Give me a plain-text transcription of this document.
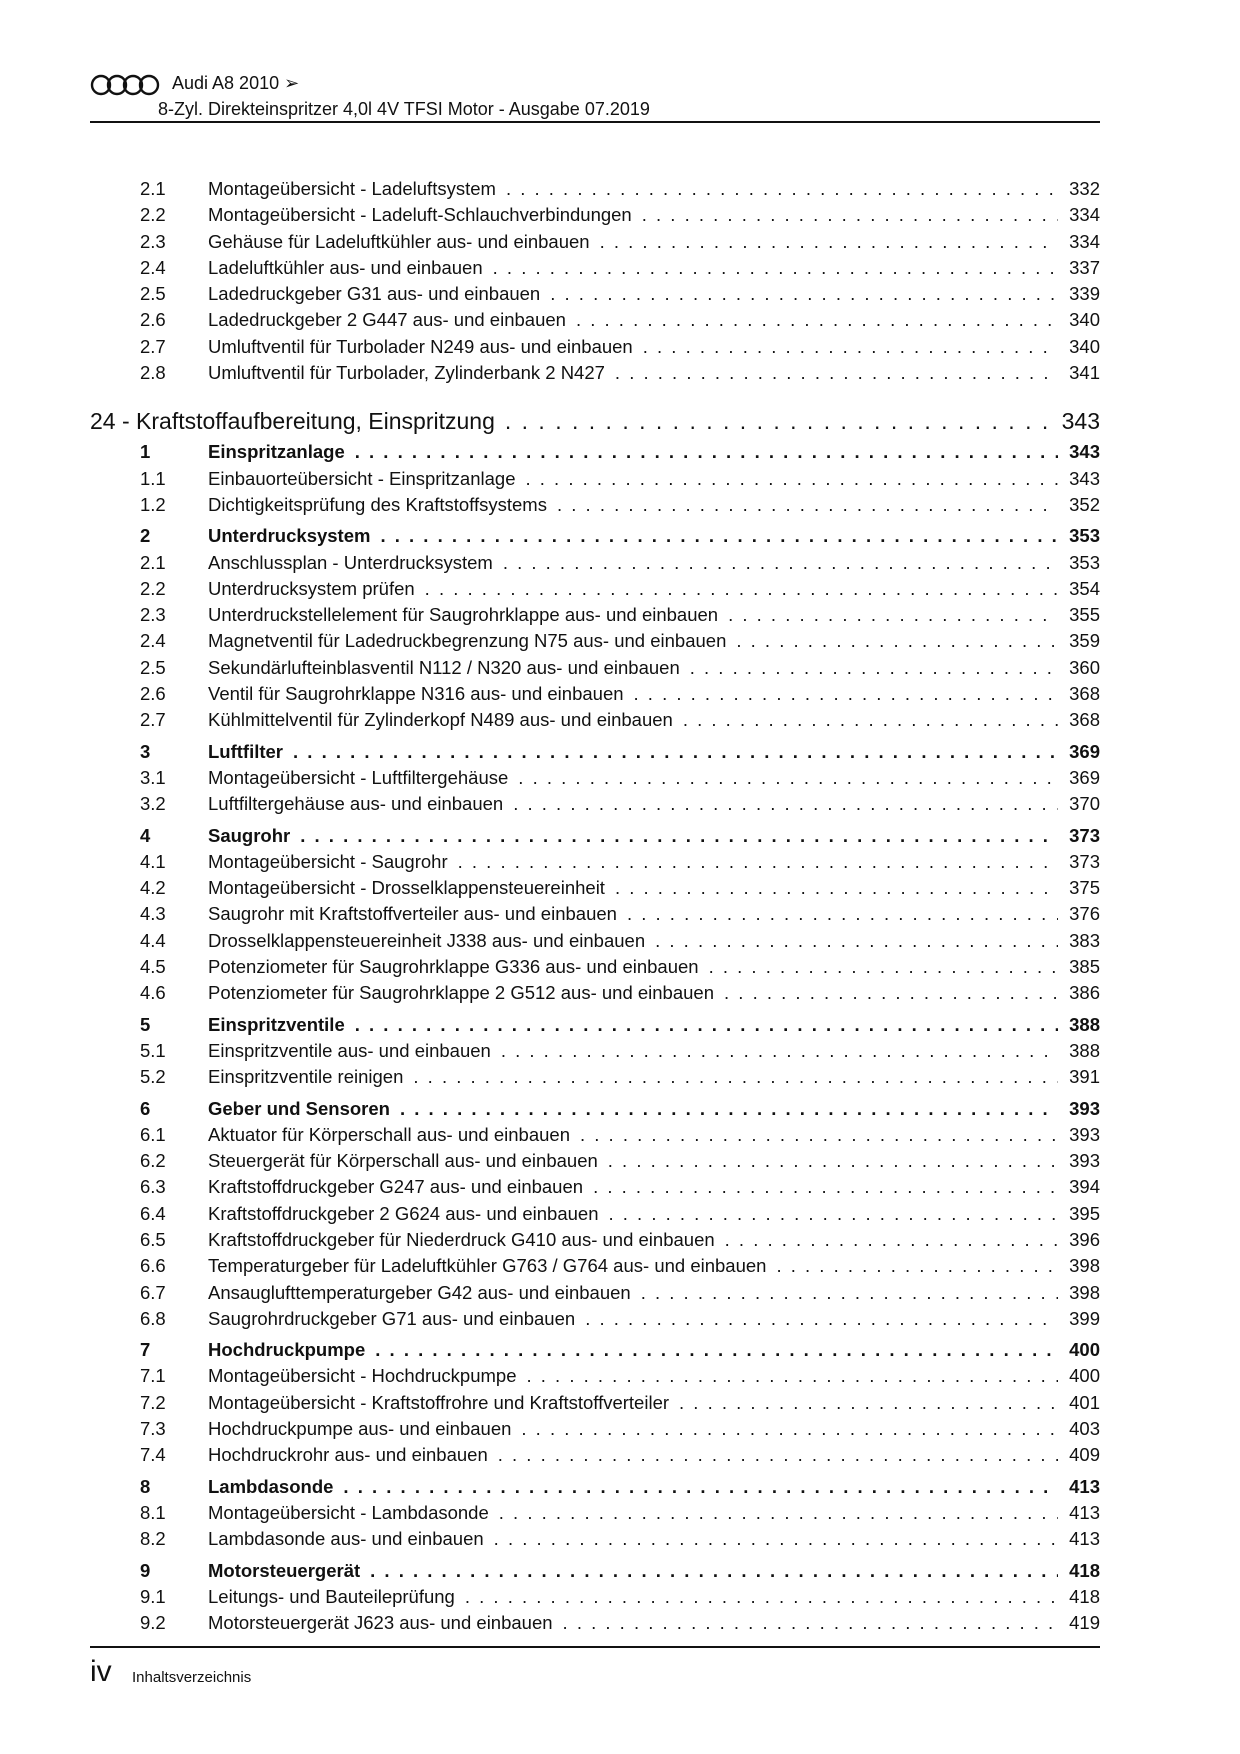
Audi A8 2010 ➢
8-Zyl. Direkteinspritzer 4,0l 4V TFSI Motor - Ausgabe 07.2019
2.1	Montageübersicht - Ladeluftsystem . . .	332
2.2	Montageübersicht - Ladeluft-Schlauchverbindungen . . .	334
2.3	Gehäuse für Ladeluftkühler aus- und einbauen . . .	334
2.4	Ladeluftkühler aus- und einbauen . . .	337
2.5	Ladedruckgeber G31 aus- und einbauen . . .	339
2.6	Ladedruckgeber 2 G447 aus- und einbauen . . .	340
2.7	Umluftventil für Turbolader N249 aus- und einbauen . . .	340
2.8	Umluftventil für Turbolader, Zylinderbank 2 N427 . . .	341
24 - Kraftstoffaufbereitung, Einspritzung . . .	343
1	Einspritzanlage . . .	343
1.1	Einbauorteübersicht - Einspritzanlage . . .	343
1.2	Dichtigkeitsprüfung des Kraftstoffsystems . . .	352
2	Unterdrucksystem . . .	353
2.1	Anschlussplan - Unterdrucksystem . . .	353
2.2	Unterdrucksystem prüfen . . .	354
2.3	Unterdruckstellelement für Saugrohrklappe aus- und einbauen . . .	355
2.4	Magnetventil für Ladedruckbegrenzung N75 aus- und einbauen . . .	359
2.5	Sekundärlufteinblasventil N112 / N320 aus- und einbauen . . .	360
2.6	Ventil für Saugrohrklappe N316 aus- und einbauen . . .	368
2.7	Kühlmittelventil für Zylinderkopf N489 aus- und einbauen . . .	368
3	Luftfilter . . .	369
3.1	Montageübersicht - Luftfiltergehäuse . . .	369
3.2	Luftfiltergehäuse aus- und einbauen . . .	370
4	Saugrohr . . .	373
4.1	Montageübersicht - Saugrohr . . .	373
4.2	Montageübersicht - Drosselklappensteuereinheit . . .	375
4.3	Saugrohr mit Kraftstoffverteiler aus- und einbauen . . .	376
4.4	Drosselklappensteuereinheit J338 aus- und einbauen . . .	383
4.5	Potenziometer für Saugrohrklappe G336 aus- und einbauen . . .	385
4.6	Potenziometer für Saugrohrklappe 2 G512 aus- und einbauen . . .	386
5	Einspritzventile . . .	388
5.1	Einspritzventile aus- und einbauen . . .	388
5.2	Einspritzventile reinigen . . .	391
6	Geber und Sensoren . . .	393
6.1	Aktuator für Körperschall aus- und einbauen . . .	393
6.2	Steuergerät für Körperschall aus- und einbauen . . .	393
6.3	Kraftstoffdruckgeber G247 aus- und einbauen . . .	394
6.4	Kraftstoffdruckgeber 2 G624 aus- und einbauen . . .	395
6.5	Kraftstoffdruckgeber für Niederdruck G410 aus- und einbauen . . .	396
6.6	Temperaturgeber für Ladeluftkühler G763 / G764 aus- und einbauen . . .	398
6.7	Ansauglufttemperaturgeber G42 aus- und einbauen . . .	398
6.8	Saugrohrdruckgeber G71 aus- und einbauen . . .	399
7	Hochdruckpumpe . . .	400
7.1	Montageübersicht - Hochdruckpumpe . . .	400
7.2	Montageübersicht - Kraftstoffrohre und Kraftstoffverteiler . . .	401
7.3	Hochdruckpumpe aus- und einbauen . . .	403
7.4	Hochdruckrohr aus- und einbauen . . .	409
8	Lambdasonde . . .	413
8.1	Montageübersicht - Lambdasonde . . .	413
8.2	Lambdasonde aus- und einbauen . . .	413
9	Motorsteuergerät . . .	418
9.1	Leitungs- und Bauteileprüfung . . .	418
9.2	Motorsteuergerät J623 aus- und einbauen . . .	419
iv Inhaltsverzeichnis
